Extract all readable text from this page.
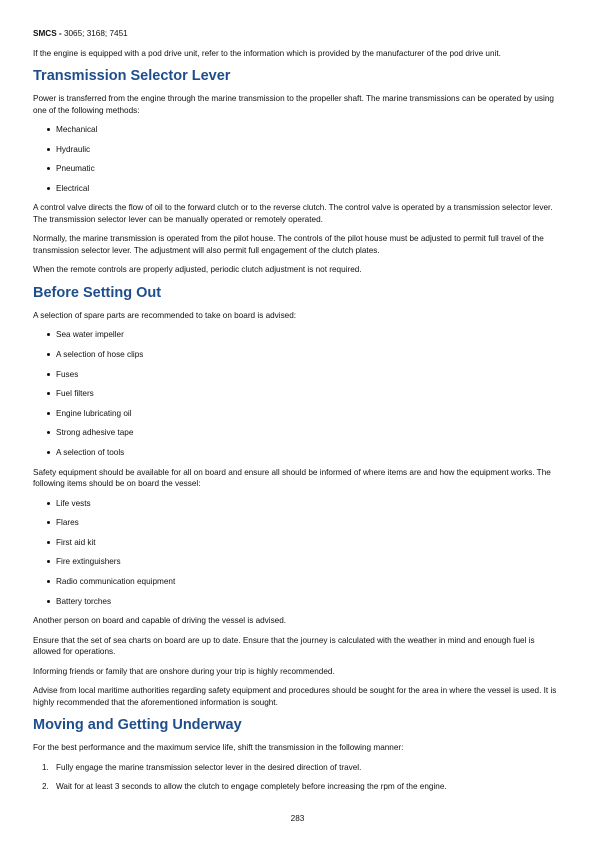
SMCS - 3065; 3168; 7451

If the engine is equipped with a pod drive unit, refer to the information which is provided by the manufacturer of the pod drive unit.

Transmission Selector Lever

Power is transferred from the engine through the marine transmission to the propeller shaft. The marine transmissions can be operated by using one of the following methods:

Mechanical
Hydraulic
Pneumatic
Electrical

A control valve directs the flow of oil to the forward clutch or to the reverse clutch. The control valve is operated by a transmission selector lever. The transmission selector lever can be manually operated or remotely operated.

Normally, the marine transmission is operated from the pilot house. The controls of the pilot house must be adjusted to permit full travel of the transmission selector lever. The adjustment will also permit full engagement of the clutch plates.

When the remote controls are properly adjusted, periodic clutch adjustment is not required.

Before Setting Out

A selection of spare parts are recommended to take on board is advised:

Sea water impeller
A selection of hose clips
Fuses
Fuel filters
Engine lubricating oil
Strong adhesive tape
A selection of tools

Safety equipment should be available for all on board and ensure all should be informed of where items are and how the equipment works. The following items should be on board the vessel:

Life vests
Flares
First aid kit
Fire extinguishers
Radio communication equipment
Battery torches

Another person on board and capable of driving the vessel is advised.

Ensure that the set of sea charts on board are up to date. Ensure that the journey is calculated with the weather in mind and enough fuel is allowed for operations.

Informing friends or family that are onshore during your trip is highly recommended.

Advise from local maritime authorities regarding safety equipment and procedures should be sought for the area in where the vessel is used. It is highly recommended that the aforementioned information is sought.

Moving and Getting Underway

For the best performance and the maximum service life, shift the transmission in the following manner:

1. Fully engage the marine transmission selector lever in the desired direction of travel.
2. Wait for at least 3 seconds to allow the clutch to engage completely before increasing the rpm of the engine.
283
